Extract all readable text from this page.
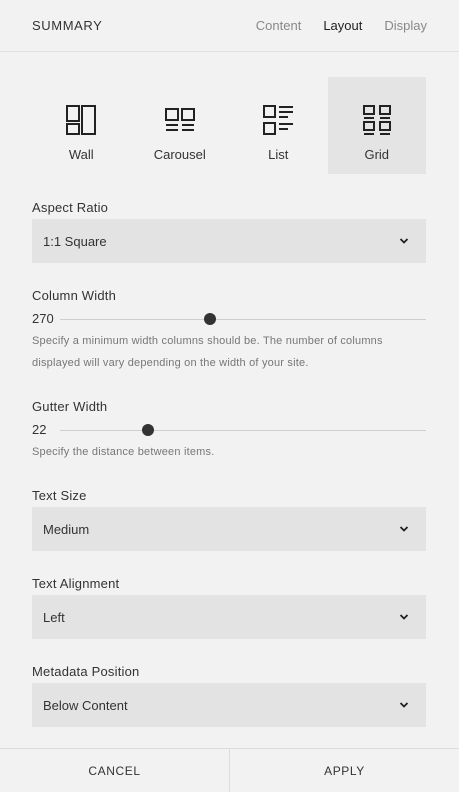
SUMMARY	Content Layout Display
Wall	Carousel	List	Grid
Aspect Ratio
1:1 Square
Column Width
270

Specify a minimum width columns should be. The number of columns displayed will vary depending on the width of your site.

Gutter Width
22

Specify the distance between items.

Text Size
Medium
Text Alignment
Left
Metadata Position
Below Content
CANCEL	APPLY
